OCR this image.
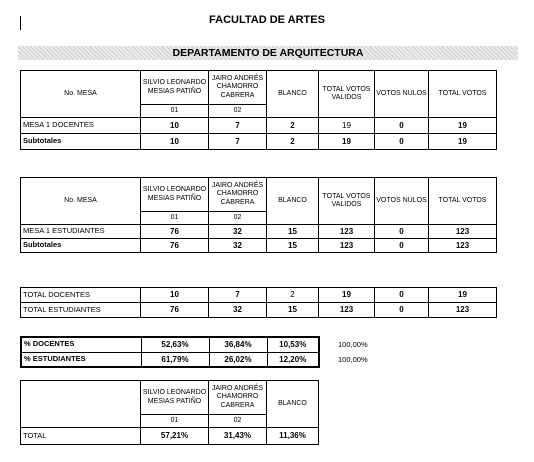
FACULTAD DE ARTES
DEPARTAMENTO DE ARQUITECTURA
No. MESA	SILVIO LEONARDO MESIAS PATIÑO	JAIRO ANDRÉS CHAMORRO CABRERA	BLANCO	TOTAL VOTOS VALIDOS	VOTOS NULOS	TOTAL VOTOS
	01	02				
MESA 1 DOCENTES	10	7	2	19	0	19
Subtotales	10	7	2	19	0	19
No. MESA	SILVIO LEONARDO MESIAS PATIÑO	JAIRO ANDRÉS CHAMORRO CABRERA	BLANCO	TOTAL VOTOS VALIDOS	VOTOS NULOS	TOTAL VOTOS
	01	02				
MESA 1 ESTUDIANTES	76	32	15	123	0	123
Subtotales	76	32	15	123	0	123
TOTAL DOCENTES	10	7	2	19	0	19
TOTAL ESTUDIANTES	76	32	15	123	0	123
% DOCENTES	52,63%	36,84%	10,53%
% ESTUDIANTES	61,79%	26,02%	12,20%
100,00%
100,00%
	SILVIO LEONARDO MESIAS PATIÑO	JAIRO ANDRÉS CHAMORRO CABRERA	BLANCO
	01	02	
TOTAL	57,21%	31,43%	11,36%
